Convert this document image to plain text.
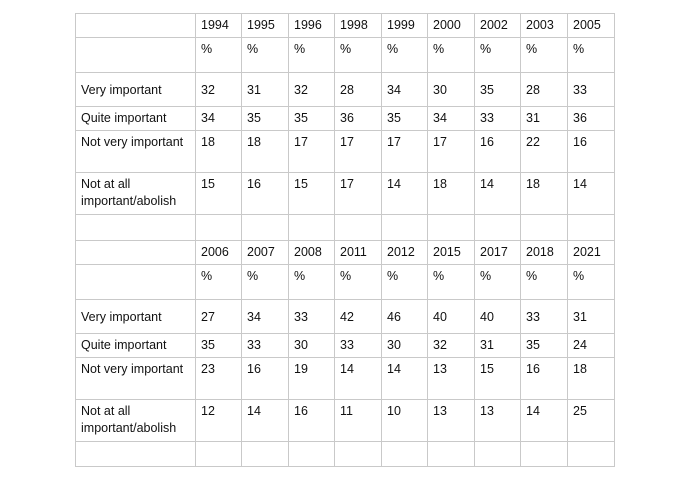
	1994	1995	1996	1998	1999	2000	2002	2003	2005
	%	%	%	%	%	%	%	%	%
Very important	32	31	32	28	34	30	35	28	33
Quite important	34	35	35	36	35	34	33	31	36
Not very important	18	18	17	17	17	17	16	22	16
Not at all important/abolish	15	16	15	17	14	18	14	18	14

	2006	2007	2008	2011	2012	2015	2017	2018	2021
	%	%	%	%	%	%	%	%	%
Very important	27	34	33	42	46	40	40	33	31
Quite important	35	33	30	33	30	32	31	35	24
Not very important	23	16	19	14	14	13	15	16	18
Not at all important/abolish	12	14	16	11	10	13	13	14	25
